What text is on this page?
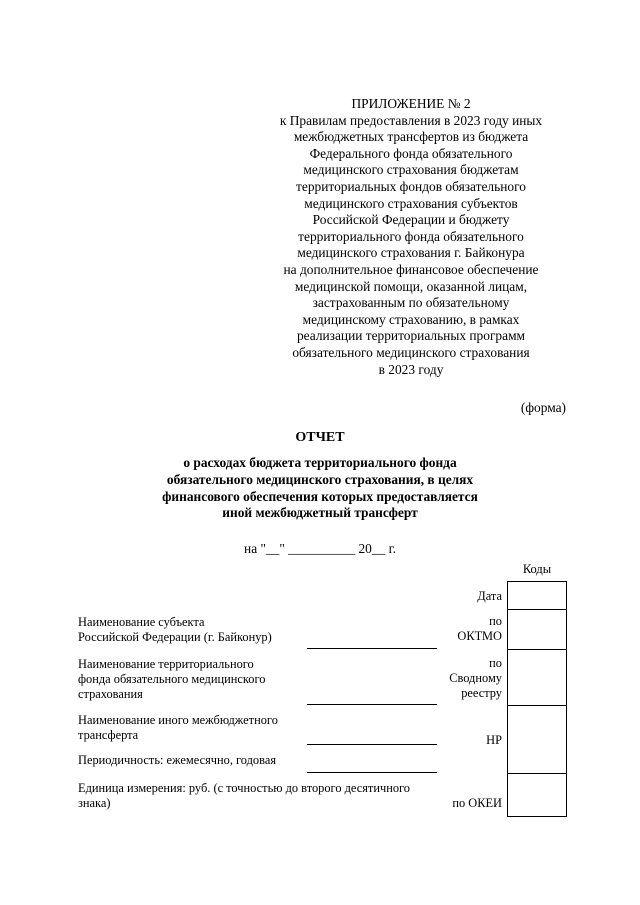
ПРИЛОЖЕНИЕ № 2
к Правилам предоставления в 2023 году иных
межбюджетных трансфертов из бюджета
Федерального фонда обязательного
медицинского страхования бюджетам
территориальных фондов обязательного
медицинского страхования субъектов
Российской Федерации и бюджету
территориального фонда обязательного
медицинского страхования г. Байконура
на дополнительное финансовое обеспечение
медицинской помощи, оказанной лицам,
застрахованным по обязательному
медицинскому страхованию, в рамках
реализации территориальных программ
обязательного медицинского страхования
в 2023 году
(форма)
ОТЧЕТ
о расходах бюджета территориального фонда
обязательного медицинского страхования, в целях
финансового обеспечения которых предоставляется
иной межбюджетный трансферт
на "__" __________ 20__ г.
Коды
Дата
по
ОКТМО
по
Сводному
реестру
НР
по ОКЕИ
Наименование субъекта
Российской Федерации (г. Байконур)
Наименование территориального
фонда обязательного медицинского
страхования
Наименование иного межбюджетного
трансферта
Периодичность: ежемесячно, годовая
Единица измерения: руб. (с точностью до второго десятичного
знака)
